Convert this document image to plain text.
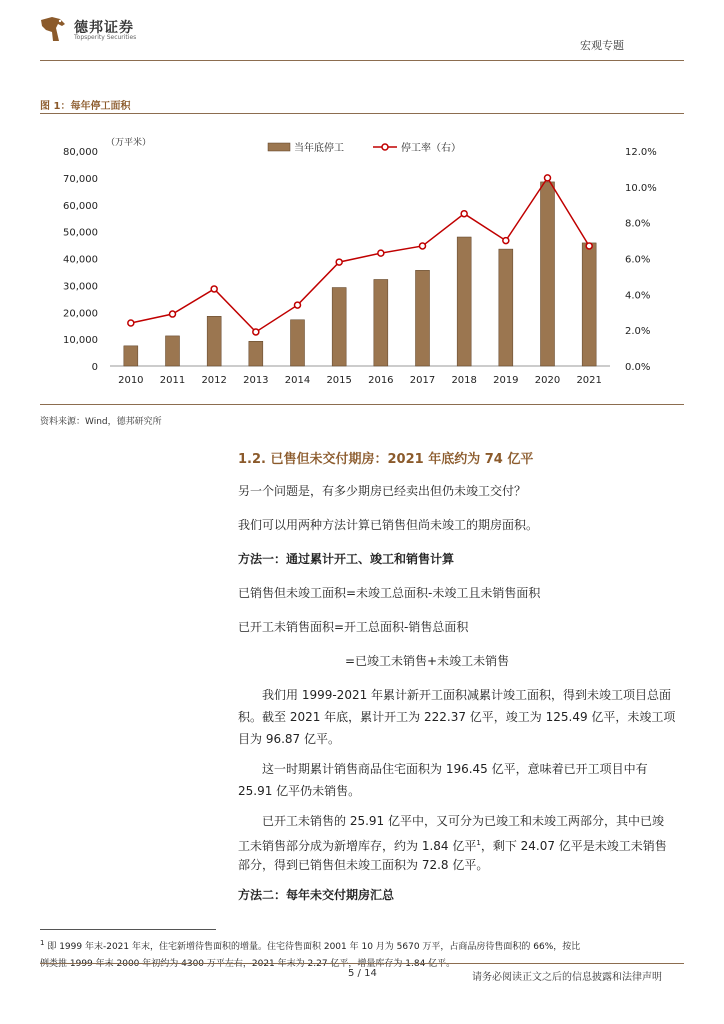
德邦证券
Topsperity Securities
宏观专题
图 1：每年停工面积
0
10,000
20,000
30,000
40,000
50,000
60,000
70,000
80,000
0.0%
2.0%
4.0%
6.0%
8.0%
10.0%
12.0%
2010 2011 2012 2013 2014 2015 2016 2017 2018 2019 2020 2021
当年底停工	停工率（右）
（万平米）
资料来源：Wind，德邦研究所
1.2. 已售但未交付期房：2021 年底约为 74 亿平
另一个问题是，有多少期房已经卖出但仍未竣工交付？
我们可以用两种方法计算已销售但尚未竣工的期房面积。
方法一：通过累计开工、竣工和销售计算
已销售但未竣工面积=未竣工总面积-未竣工且未销售面积
已开工未销售面积=开工总面积-销售总面积
=已竣工未销售+未竣工未销售
我们用 1999-2021 年累计新开工面积减累计竣工面积，得到未竣工项目总面
积。截至 2021 年底，累计开工为 222.37 亿平，竣工为 125.49 亿平，未竣工项
目为 96.87 亿平。
这一时期累计销售商品住宅面积为 196.45 亿平，意味着已开工项目中有
25.91 亿平仍未销售。
已开工未销售的 25.91 亿平中，又可分为已竣工和未竣工两部分，其中已竣
工未销售部分成为新增库存，约为 1.84 亿平$^1$，剩下 24.07 亿平是未竣工未销售
部分，得到已销售但未竣工面积为 72.8 亿平。
方法二：每年未交付期房汇总
$^1$ 即 1999 年末-2021 年末，住宅新增待售面积的增量。住宅待售面积 2001 年 10 月为 5670 万平，占商品房待售面积的 66%，按比
例类推 1999 年末 2000 年初约为 4300 万平左右，2021 年末为 2.27 亿平，增量库存为 1.84 亿平。
5 / 14	请务必阅读正文之后的信息披露和法律声明
